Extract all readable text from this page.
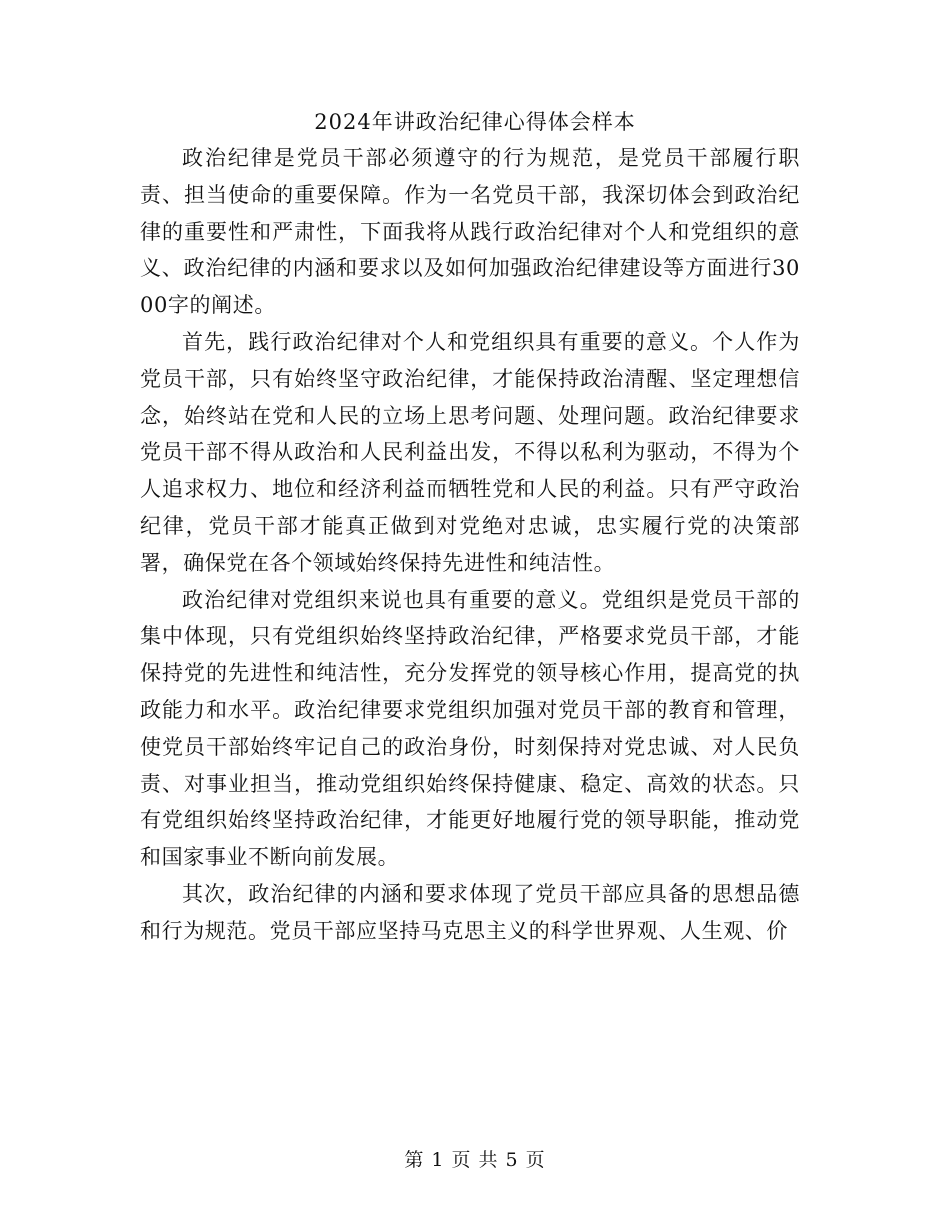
2024年讲政治纪律心得体会样本

政治纪律是党员干部必须遵守的行为规范，是党员干部履行职责、担当使命的重要保障。作为一名党员干部，我深切体会到政治纪律的重要性和严肃性，下面我将从践行政治纪律对个人和党组织的意义、政治纪律的内涵和要求以及如何加强政治纪律建设等方面进行3000字的阐述。

首先，践行政治纪律对个人和党组织具有重要的意义。个人作为党员干部，只有始终坚守政治纪律，才能保持政治清醒、坚定理想信念，始终站在党和人民的立场上思考问题、处理问题。政治纪律要求党员干部不得从政治和人民利益出发，不得以私利为驱动，不得为个人追求权力、地位和经济利益而牺牲党和人民的利益。只有严守政治纪律，党员干部才能真正做到对党绝对忠诚，忠实履行党的决策部署，确保党在各个领域始终保持先进性和纯洁性。

政治纪律对党组织来说也具有重要的意义。党组织是党员干部的集中体现，只有党组织始终坚持政治纪律，严格要求党员干部，才能保持党的先进性和纯洁性，充分发挥党的领导核心作用，提高党的执政能力和水平。政治纪律要求党组织加强对党员干部的教育和管理，使党员干部始终牢记自己的政治身份，时刻保持对党忠诚、对人民负责、对事业担当，推动党组织始终保持健康、稳定、高效的状态。只有党组织始终坚持政治纪律，才能更好地履行党的领导职能，推动党和国家事业不断向前发展。

其次，政治纪律的内涵和要求体现了党员干部应具备的思想品德和行为规范。党员干部应坚持马克思主义的科学世界观、人生观、价

第 1 页 共 5 页
